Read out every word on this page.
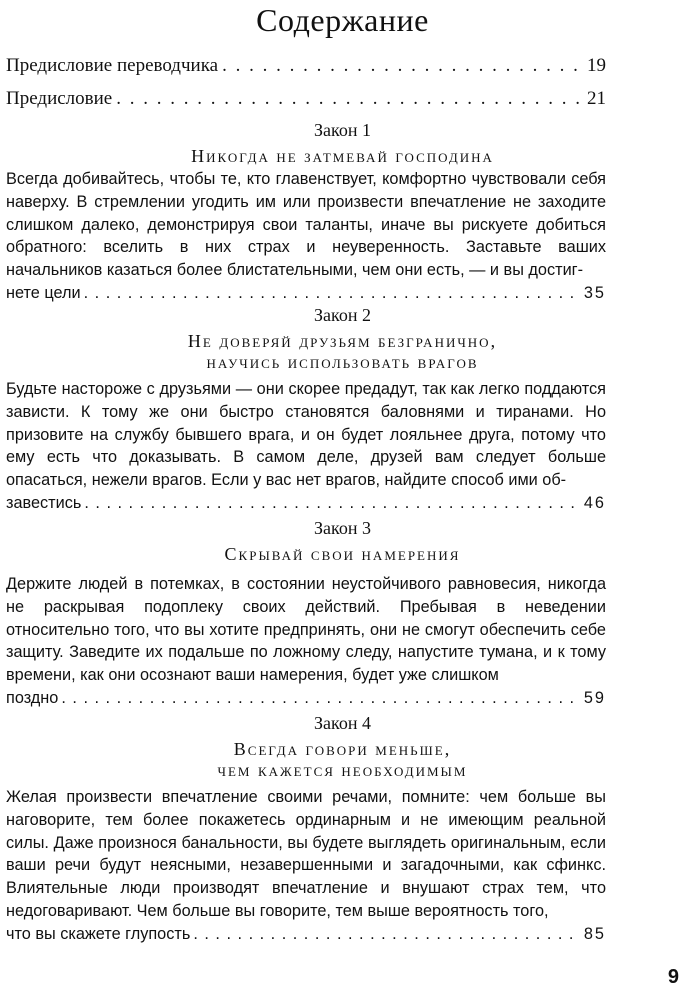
Содержание
Предисловие переводчика . . .	19
Предисловие . . .	21
Закон 1
Никогда не затмевай господина
Всегда добивайтесь, чтобы те, кто главенствует, комфортно чувствовали себя наверху. В стремлении угодить им или произвести впечатление не заходите слишком далеко, демонстрируя свои таланты, иначе вы рискуете добиться обратного: вселить в них страх и неуверенность. Заставьте ваших начальников казаться более блистательными, чем они есть, — и вы достиг-
нете цели . . .	35
Закон 2
Не доверяй друзьям безгранично,
научись использовать врагов
Будьте настороже с друзьями — они скорее предадут, так как легко поддаются зависти. К тому же они быстро становятся баловнями и тиранами. Но призовите на службу бывшего врага, и он будет лояльнее друга, потому что ему есть что доказывать. В самом деле, друзей вам следует больше опасаться, нежели врагов. Если у вас нет врагов, найдите способ ими об-
завестись . . .	46
Закон 3
Скрывай свои намерения
Держите людей в потемках, в состоянии неустойчивого равновесия, никогда не раскрывая подоплеку своих действий. Пребывая в неведении относительно того, что вы хотите предпринять, они не смогут обеспечить себе защиту. Заведите их подальше по ложному следу, напустите тумана, и к тому времени, как они осознают ваши намерения, будет уже слишком
поздно . . .	59
Закон 4
Всегда говори меньше,
чем кажется необходимым
Желая произвести впечатление своими речами, помните: чем больше вы наговорите, тем более покажетесь ординарным и не имеющим реальной силы. Даже произнося банальности, вы будете выглядеть оригинальным, если ваши речи будут неясными, незавершенными и загадочными, как сфинкс. Влиятельные люди производят впечатление и внушают страх тем, что недоговаривают. Чем больше вы говорите, тем выше вероятность того,
что вы скажете глупость . . .	85
9
